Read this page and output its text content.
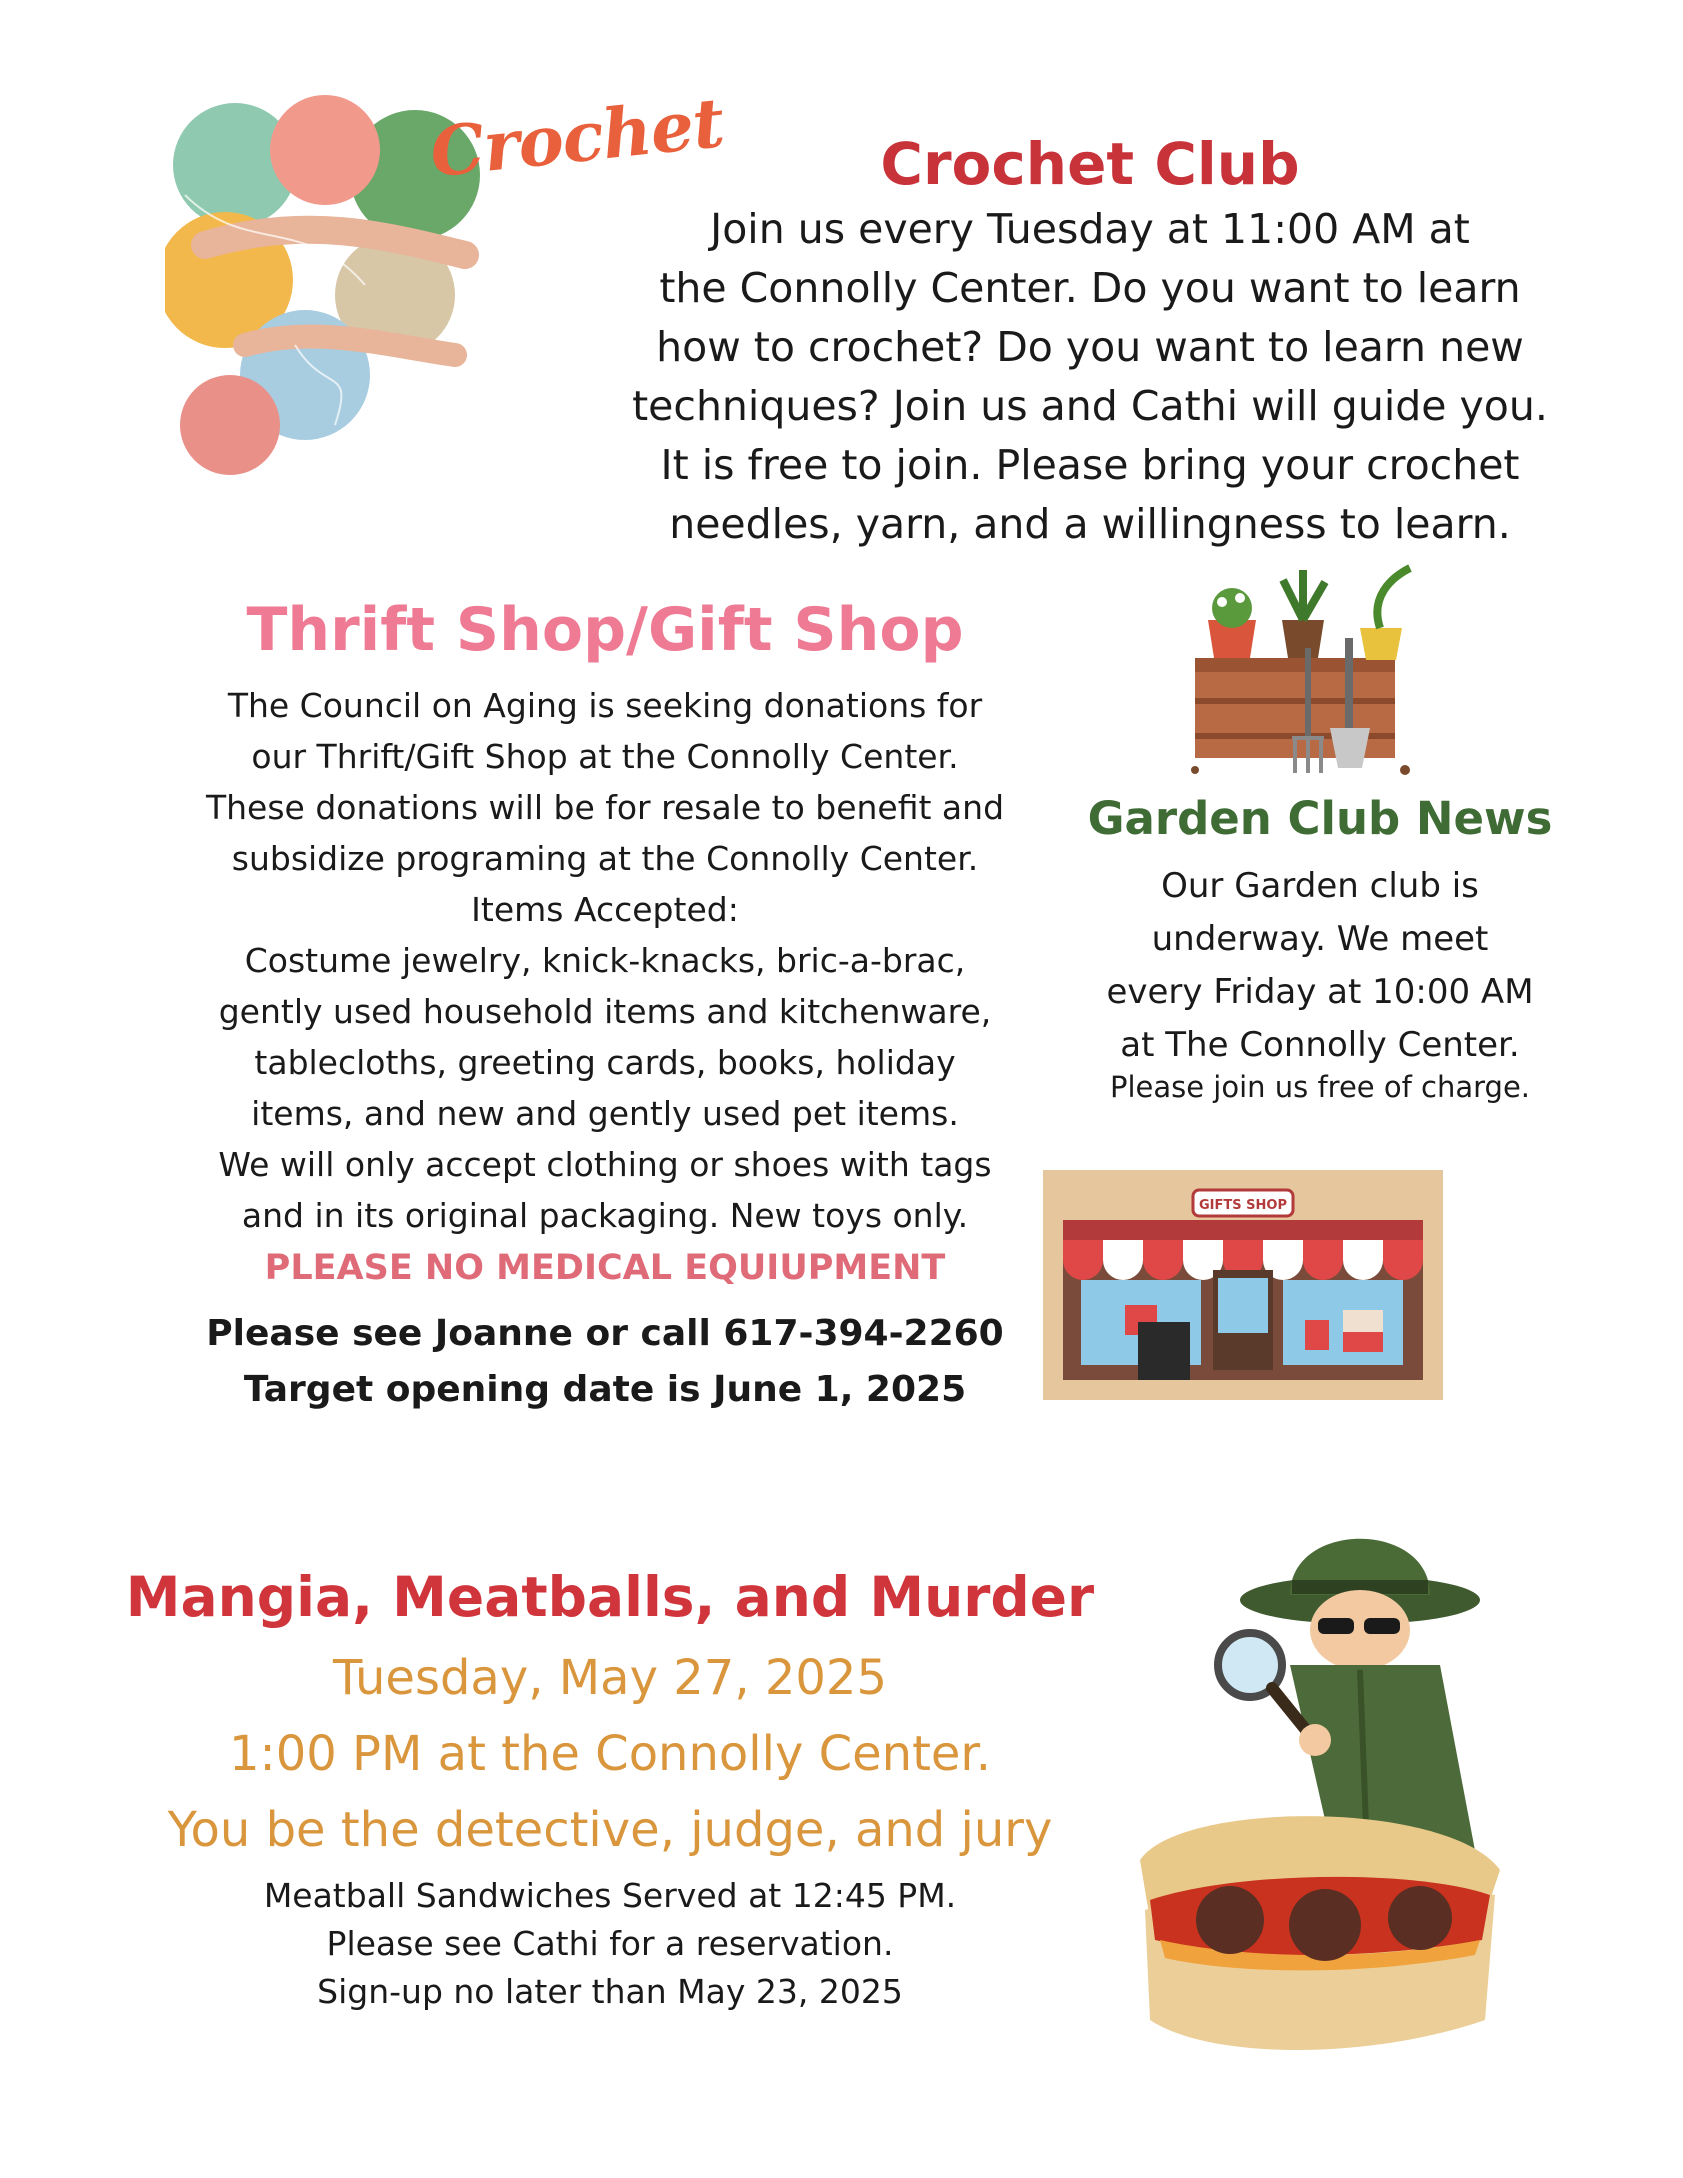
Crochet	Crochet Club
Join us every Tuesday at 11:00 AM at
the Connolly Center. Do you want to learn
how to crochet? Do you want to learn new
techniques? Join us and Cathi will guide you.
It is free to join. Please bring your crochet
needles, yarn, and a willingness to learn.
Thrift Shop/Gift Shop
The Council on Aging is seeking donations for
our Thrift/Gift Shop at the Connolly Center.
These donations will be for resale to benefit and
subsidize programing at the Connolly Center.
Items Accepted:
Costume jewelry, knick-knacks, bric-a-brac,
gently used household items and kitchenware,
tablecloths, greeting cards, books, holiday
items, and new and gently used pet items.
We will only accept clothing or shoes with tags
and in its original packaging. New toys only.
PLEASE NO MEDICAL EQUIUPMENT
Please see Joanne or call 617-394-2260
Target opening date is June 1, 2025
Garden Club News
Our Garden club is
underway. We meet
every Friday at 10:00 AM
at The Connolly Center.
Please join us free of charge.
GIFTS SHOP
Mangia, Meatballs, and Murder
Tuesday, May 27, 2025
1:00 PM at the Connolly Center.
You be the detective, judge, and jury
Meatball Sandwiches Served at 12:45 PM.
Please see Cathi for a reservation.
Sign-up no later than May 23, 2025
